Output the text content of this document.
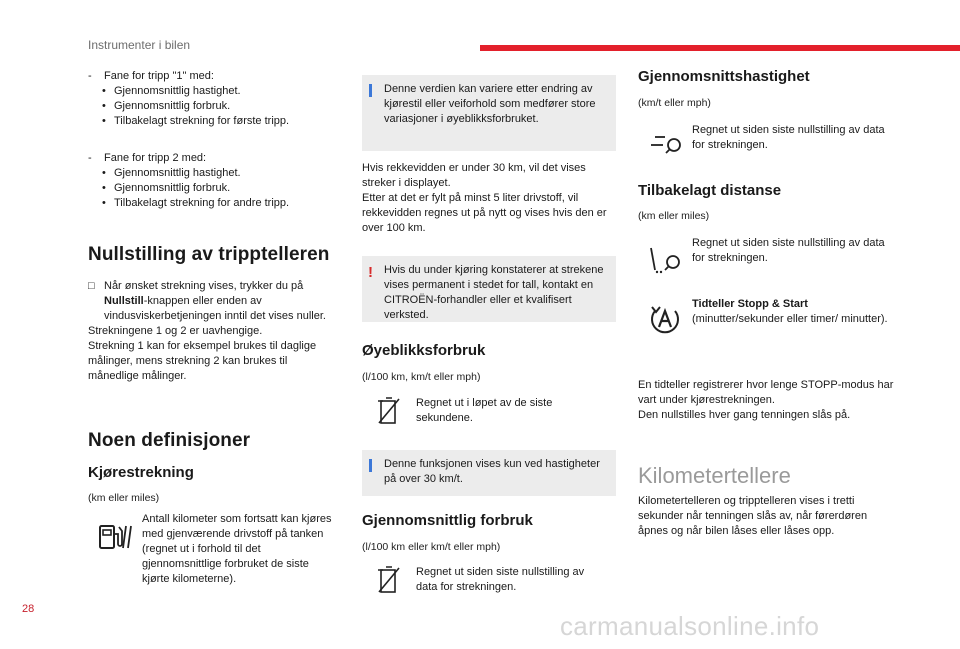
Instrumenter i bilen
-	Fane for tripp "1" med:
• Gjennomsnittlig hastighet.
• Gjennomsnittlig forbruk.
• Tilbakelagt strekning for første tripp.
-	Fane for tripp 2 med:
• Gjennomsnittlig hastighet.
• Gjennomsnittlig forbruk.
• Tilbakelagt strekning for andre tripp.
Nullstilling av tripptelleren
□ Når ønsket strekning vises, trykker du på Nullstill-knappen eller enden av vindusviskerbetjeningen inntil det vises nuller.

Strekningene 1 og 2 er uavhengige.

Strekning 1 kan for eksempel brukes til daglige målinger, mens strekning 2 kan brukes til månedlige målinger.

Noen definisjoner
Kjørestrekning
(km eller miles)

Antall kilometer som fortsatt kan kjøres med gjenværende drivstoff på tanken (regnet ut i forhold til det gjennomsnittlige forbruket de siste kjørte kilometerne).

Denne verdien kan variere etter endring av kjørestil eller veiforhold som medfører store variasjoner i øyeblikksforbruket.

Hvis rekkevidden er under 30 km, vil det vises streker i displayet.

Etter at det er fylt på minst 5 liter drivstoff, vil rekkevidden regnes ut på nytt og vises hvis den er over 100 km.

! Hvis du under kjøring konstaterer at strekene vises permanent i stedet for tall, kontakt en CITROËN-forhandler eller et kvalifisert verksted.

Øyeblikksforbruk
(l/100 km, km/t eller mph)

Regnet ut i løpet av de siste sekundene.

Denne funksjonen vises kun ved hastigheter på over 30 km/t.

Gjennomsnittlig forbruk
(l/100 km eller km/t eller mph)

Regnet ut siden siste nullstilling av data for strekningen.

Gjennomsnittshastighet
(km/t eller mph)

Regnet ut siden siste nullstilling av data for strekningen.

Tilbakelagt distanse
(km eller miles)

Regnet ut siden siste nullstilling av data for strekningen.

Tidteller Stopp & Start

(minutter/sekunder eller timer/ minutter).

En tidteller registrerer hvor lenge STOPP-modus har vart under kjørestrekningen.

Den nullstilles hver gang tenningen slås på.

Kilometertellere

Kilometertelleren og tripptelleren vises i tretti sekunder når tenningen slås av, når førerdøren åpnes og når bilen låses eller låses opp.

28
carmanualsonline.info
